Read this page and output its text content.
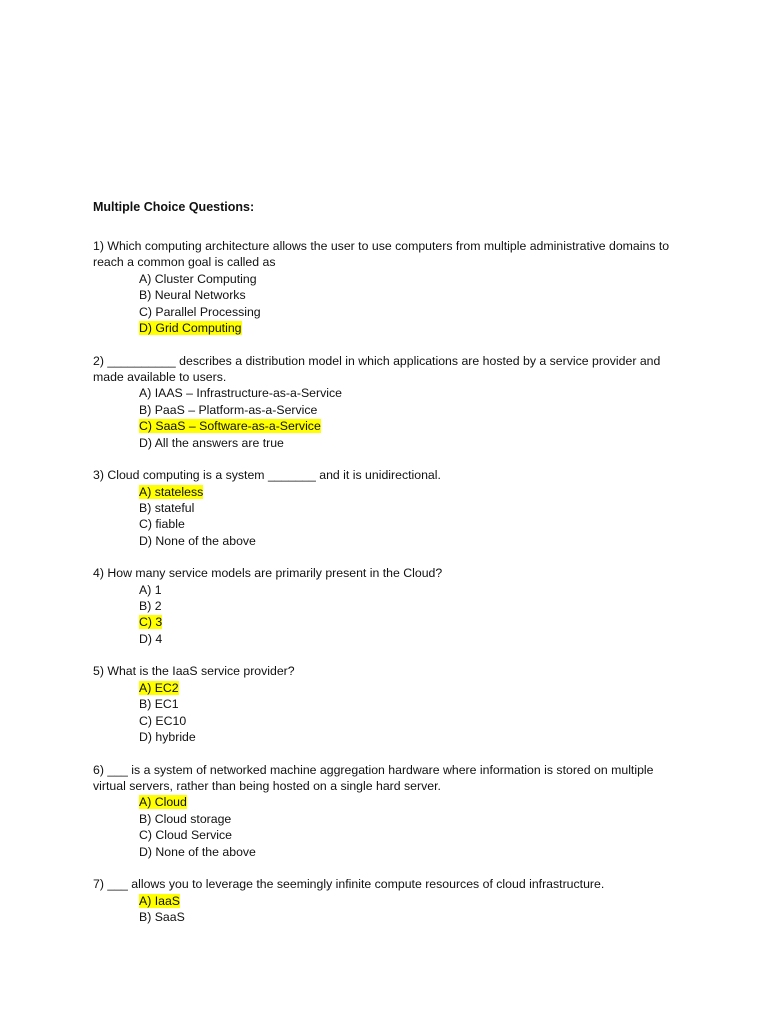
Multiple Choice Questions:

1) Which computing architecture allows the user to use computers from multiple administrative domains to reach a common goal is called as

A) Cluster Computing
B) Neural Networks
C) Parallel Processing
D) Grid Computing

2) __________ describes a distribution model in which applications are hosted by a service provider and made available to users.

A) IAAS – Infrastructure-as-a-Service
B) PaaS – Platform-as-a-Service
C) SaaS – Software-as-a-Service
D) All the answers are true

3) Cloud computing is a system _______ and it is unidirectional.

A) stateless
B) stateful
C) fiable
D) None of the above

4) How many service models are primarily present in the Cloud?

A) 1
B) 2
C) 3
D) 4

5) What is the IaaS service provider?

A) EC2
B) EC1
C) EC10
D) hybride

6) ___ is a system of networked machine aggregation hardware where information is stored on multiple virtual servers, rather than being hosted on a single hard server.

A) Cloud
B) Cloud storage
C) Cloud Service
D) None of the above

7) ___ allows you to leverage the seemingly infinite compute resources of cloud infrastructure.

A) IaaS
B) SaaS
